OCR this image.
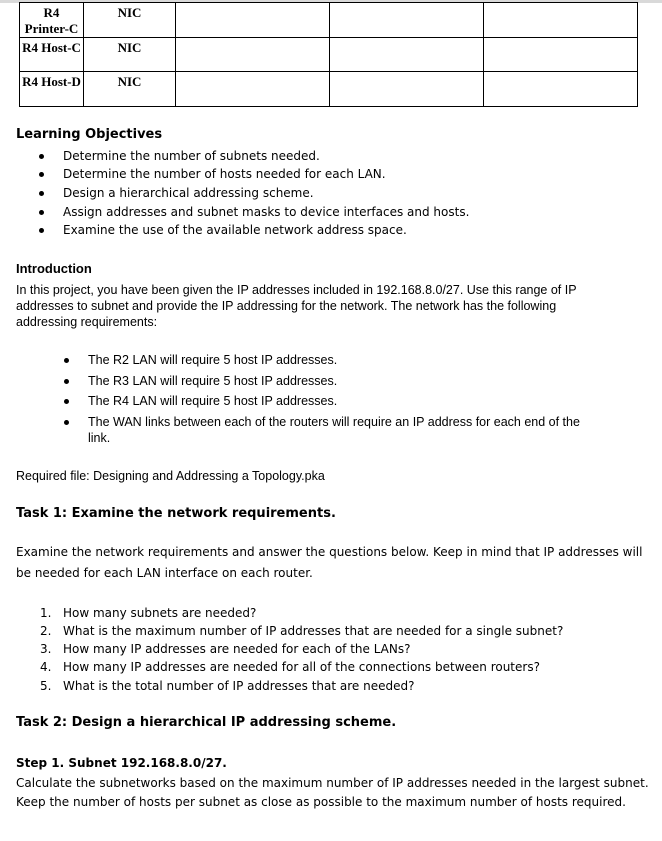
R4 Printer-C	NIC			
R4 Host-C	NIC			
R4 Host-D	NIC			
Learning Objectives
Determine the number of subnets needed.
Determine the number of hosts needed for each LAN.
Design a hierarchical addressing scheme.
Assign addresses and subnet masks to device interfaces and hosts.
Examine the use of the available network address space.
Introduction
In this project, you have been given the IP addresses included in 192.168.8.0/27. Use this range of IP
addresses to subnet and provide the IP addressing for the network. The network has the following
addressing requirements:
The R2 LAN will require 5 host IP addresses.
The R3 LAN will require 5 host IP addresses.
The R4 LAN will require 5 host IP addresses.
The WAN links between each of the routers will require an IP address for each end of the
link.
Required file: Designing and Addressing a Topology.pka
Task 1: Examine the network requirements.
Examine the network requirements and answer the questions below. Keep in mind that IP addresses will
be needed for each LAN interface on each router.
1. How many subnets are needed?
2. What is the maximum number of IP addresses that are needed for a single subnet?
3. How many IP addresses are needed for each of the LANs?
4. How many IP addresses are needed for all of the connections between routers?
5. What is the total number of IP addresses that are needed?
Task 2: Design a hierarchical IP addressing scheme.
Step 1. Subnet 192.168.8.0/27.
Calculate the subnetworks based on the maximum number of IP addresses needed in the largest subnet.
Keep the number of hosts per subnet as close as possible to the maximum number of hosts required.
